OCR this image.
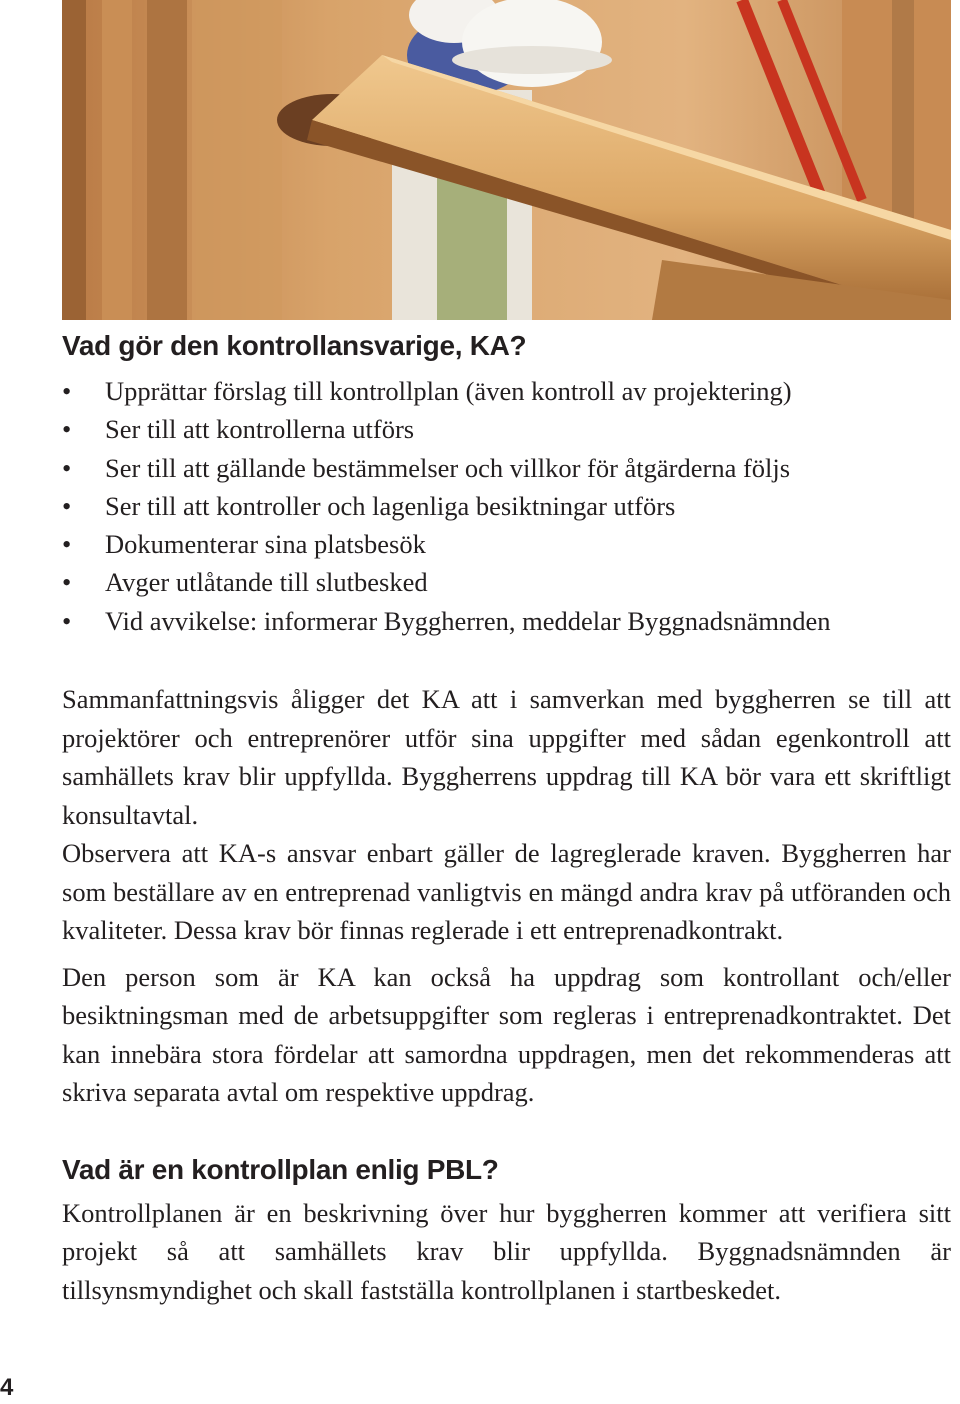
Vad gör den kontrollansvarige, KA?
• Upprättar förslag till kontrollplan (även kontroll av projektering)
• Ser till att kontrollerna utförs
• Ser till att gällande bestämmelser och villkor för åtgärderna följs
• Ser till att kontroller och lagenliga besiktningar utförs
• Dokumenterar sina platsbesök
• Avger utlåtande till slutbesked
• Vid avvikelse: informerar Byggherren, meddelar Byggnadsnämnden

Sammanfattningsvis åligger det KA att i samverkan med byggherren se till att projektörer och entreprenörer utför sina uppgifter med sådan egenkontroll att samhällets krav blir uppfyllda. Byggherrens uppdrag till KA bör vara ett skriftligt konsultavtal.

Observera att KA-s ansvar enbart gäller de lagreglerade kraven. Byggherren har som beställare av en entreprenad vanligtvis en mängd andra krav på utföranden och kvaliteter. Dessa krav bör finnas reglerade i ett entreprenadkontrakt.

Den person som är KA kan också ha uppdrag som kontrollant och/eller besiktningsman med de arbetsuppgifter som regleras i entreprenadkontraktet. Det kan innebära stora fördelar att samordna uppdragen, men det rekommenderas att skriva separata avtal om respektive uppdrag.

Vad är en kontrollplan enlig PBL?

Kontrollplanen är en beskrivning över hur byggherren kommer att verifiera sitt projekt så att samhällets krav blir uppfyllda. Byggnadsnämnden är tillsynsmyndighet och skall fastställa kontrollplanen i startbeskedet.

4
